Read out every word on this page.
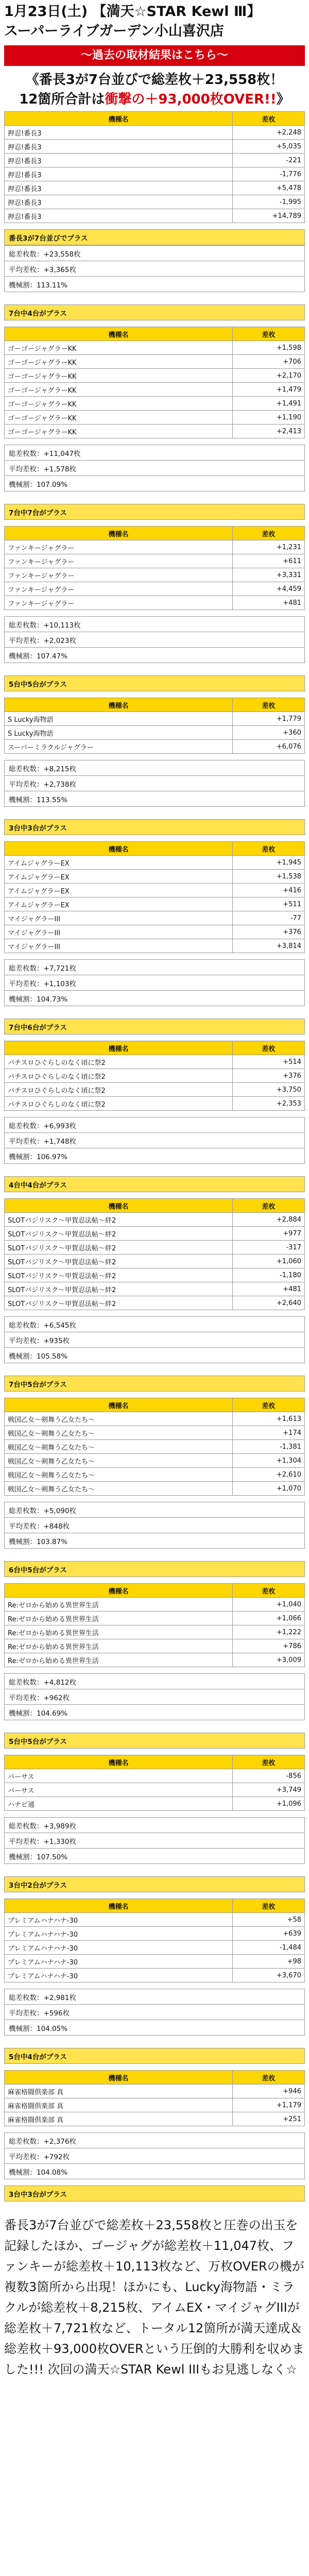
1月23日(土) 【満天☆STAR Kewl Ⅲ】
スーパーライブガーデン小山喜沢店
〜過去の取材結果はこちら〜
《番長3が7台並びで総差枚＋23,558枚！
12箇所合計は衝撃の＋93,000枚OVER!!》
機種名	差枚
押忍!番長3	+2,248
押忍!番長3	+5,035
押忍!番長3	-221
押忍!番長3	-1,776
押忍!番長3	+5,478
押忍!番長3	-1,995
押忍!番長3	+14,789
番長3が7台並びでプラス
総差枚数：+23,558枚
平均差枚：+3,365枚
機械割：113.11%
7台中4台がプラス
機種名	差枚
ゴーゴージャグラーKK	+1,598
ゴーゴージャグラーKK	+706
ゴーゴージャグラーKK	+2,170
ゴーゴージャグラーKK	+1,479
ゴーゴージャグラーKK	+1,491
ゴーゴージャグラーKK	+1,190
ゴーゴージャグラーKK	+2,413
総差枚数：+11,047枚
平均差枚：+1,578枚
機械割：107.09%
7台中7台がプラス
機種名	差枚
ファンキージャグラー	+1,231
ファンキージャグラー	+611
ファンキージャグラー	+3,331
ファンキージャグラー	+4,459
ファンキージャグラー	+481
総差枚数：+10,113枚
平均差枚：+2,023枚
機械割：107.47%
5台中5台がプラス
機種名	差枚
S Lucky海物語	+1,779
S Lucky海物語	+360
スーパーミラクルジャグラー	+6,076
総差枚数：+8,215枚
平均差枚：+2,738枚
機械割：113.55%
3台中3台がプラス
機種名	差枚
アイムジャグラーEX	+1,945
アイムジャグラーEX	+1,538
アイムジャグラーEX	+416
アイムジャグラーEX	+511
マイジャグラーIII	-77
マイジャグラーIII	+376
マイジャグラーIII	+3,814
総差枚数：+7,721枚
平均差枚：+1,103枚
機械割：104.73%
7台中6台がプラス
機種名	差枚
パチスロひぐらしのなく頃に祭2	+514
パチスロひぐらしのなく頃に祭2	+376
パチスロひぐらしのなく頃に祭2	+3,750
パチスロひぐらしのなく頃に祭2	+2,353
総差枚数：+6,993枚
平均差枚：+1,748枚
機械割：106.97%
4台中4台がプラス
機種名	差枚
SLOTバジリスク〜甲賀忍法帖〜絆2	+2,884
SLOTバジリスク〜甲賀忍法帖〜絆2	+977
SLOTバジリスク〜甲賀忍法帖〜絆2	-317
SLOTバジリスク〜甲賀忍法帖〜絆2	+1,060
SLOTバジリスク〜甲賀忍法帖〜絆2	-1,180
SLOTバジリスク〜甲賀忍法帖〜絆2	+481
SLOTバジリスク〜甲賀忍法帖〜絆2	+2,640
総差枚数：+6,545枚
平均差枚：+935枚
機械割：105.58%
7台中5台がプラス
機種名	差枚
戦国乙女〜剣舞う乙女たち〜	+1,613
戦国乙女〜剣舞う乙女たち〜	+174
戦国乙女〜剣舞う乙女たち〜	-1,381
戦国乙女〜剣舞う乙女たち〜	+1,304
戦国乙女〜剣舞う乙女たち〜	+2,610
戦国乙女〜剣舞う乙女たち〜	+1,070
総差枚数：+5,090枚
平均差枚：+848枚
機械割：103.87%
6台中5台がプラス
機種名	差枚
Re:ゼロから始める異世界生活	+1,040
Re:ゼロから始める異世界生活	+1,066
Re:ゼロから始める異世界生活	+1,222
Re:ゼロから始める異世界生活	+786
Re:ゼロから始める異世界生活	+3,009
総差枚数：+4,812枚
平均差枚：+962枚
機械割：104.69%
5台中5台がプラス
機種名	差枚
バーサス	-856
バーサス	+3,749
ハナビ通	+1,096
総差枚数：+3,989枚
平均差枚：+1,330枚
機械割：107.50%
3台中2台がプラス
機種名	差枚
プレミアムハナハナ-30	+58
プレミアムハナハナ-30	+639
プレミアムハナハナ-30	-1,484
プレミアムハナハナ-30	+98
プレミアムハナハナ-30	+3,670
総差枚数：+2,981枚
平均差枚：+596枚
機械割：104.05%
5台中4台がプラス
機種名	差枚
麻雀格闘倶楽部 真	+946
麻雀格闘倶楽部 真	+1,179
麻雀格闘倶楽部 真	+251
総差枚数：+2,376枚
平均差枚：+792枚
機械割：104.08%
3台中3台がプラス
番長3が7台並びで総差枚＋23,558枚と圧巻の出玉を記録したほか、ゴージャグが総差枚＋11,047枚、ファンキーが総差枚＋10,113枚など、万枚OVERの機が複数3箇所から出現！ほかにも、Lucky海物語・ミラクルが総差枚＋8,215枚、アイムEX・マイジャグIIIが総差枚＋7,721枚など、トータル12箇所が満天達成＆総差枚＋93,000枚OVERという圧倒的大勝利を収めました!!! 次回の満天☆STAR Kewl IIIもお見逃しなく☆
